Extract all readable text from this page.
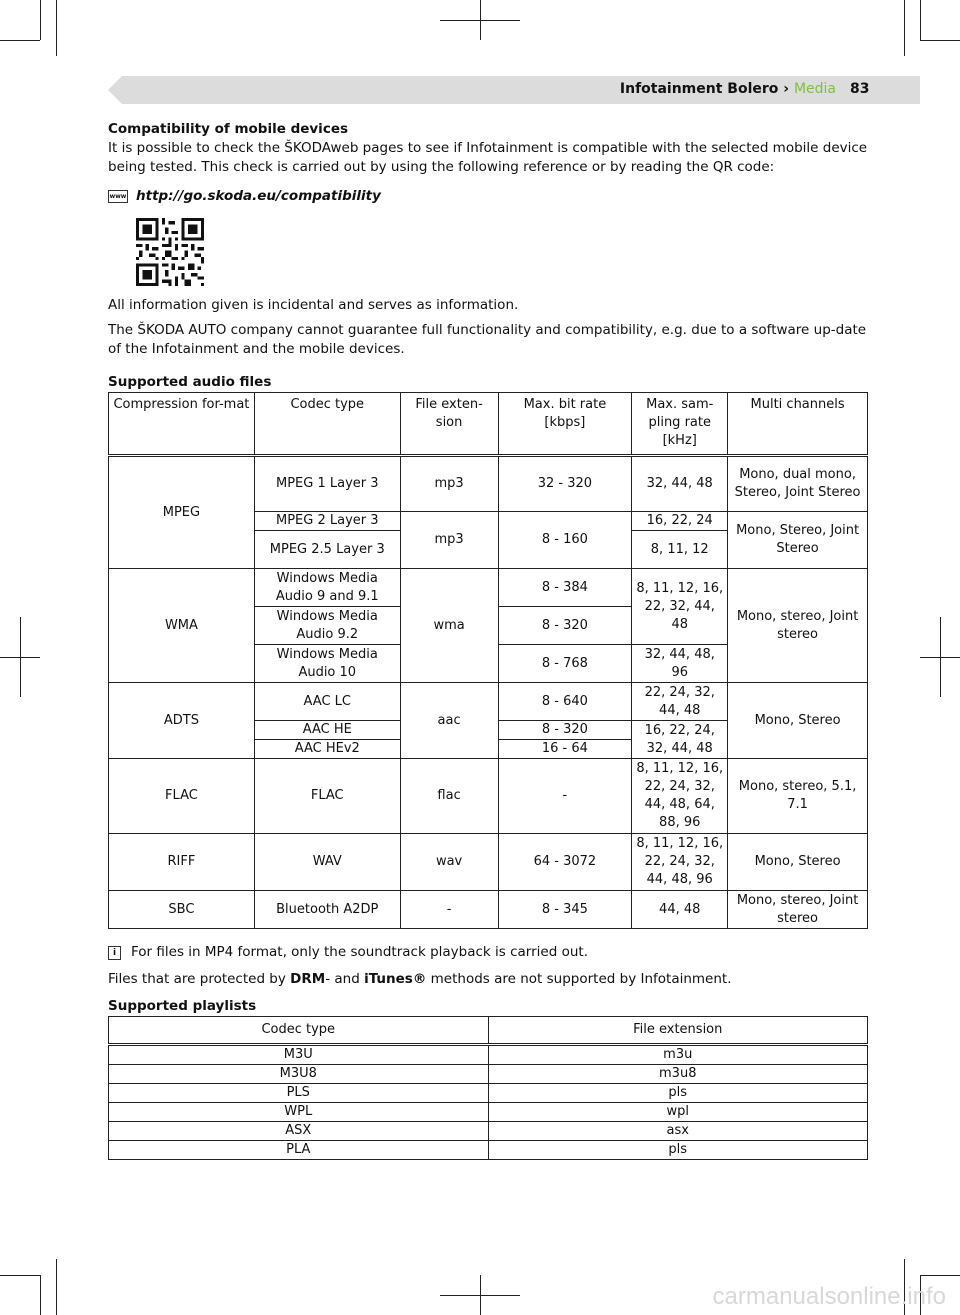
Infotainment Bolero › Media 83

Compatibility of mobile devices

It is possible to check the ŠKODAweb pages to see if Infotainment is compatible with the selected mobile device being tested. This check is carried out by using the following reference or by reading the QR code:

www http://go.skoda.eu/compatibility

All information given is incidental and serves as information.

The ŠKODA AUTO company cannot guarantee full functionality and compatibility, e.g. due to a software up-date of the Infotainment and the mobile devices.

Supported audio files

Compression for-mat	Codec type	File exten-sion	Max. bit rate [kbps]	Max. sam-pling rate [kHz]	Multi channels
MPEG	MPEG 1 Layer 3	mp3	32 - 320	32, 44, 48	Mono, dual mono, Stereo, Joint Stereo
	MPEG 2 Layer 3	mp3	8 - 160	16, 22, 24	Mono, Stereo, Joint Stereo
	MPEG 2.5 Layer 3			8, 11, 12	
WMA	Windows Media Audio 9 and 9.1	wma	8 - 384	8, 11, 12, 16, 22, 32, 44, 48	Mono, stereo, Joint stereo
	Windows Media Audio 9.2		8 - 320		
	Windows Media Audio 10		8 - 768	32, 44, 48, 96	
ADTS	AAC LC	aac	8 - 640	22, 24, 32, 44, 48	Mono, Stereo
	AAC HE		8 - 320	16, 22, 24, 32, 44, 48	
	AAC HEv2		16 - 64		
FLAC	FLAC	flac	-	8, 11, 12, 16, 22, 24, 32, 44, 48, 64, 88, 96	Mono, stereo, 5.1, 7.1
RIFF	WAV	wav	64 - 3072	8, 11, 12, 16, 22, 24, 32, 44, 48, 96	Mono, Stereo
SBC	Bluetooth A2DP	-	8 - 345	44, 48	Mono, stereo, Joint stereo
i	For files in MP4 format, only the soundtrack playback is carried out.

Files that are protected by DRM- and iTunes® methods are not supported by Infotainment.

Supported playlists

Codec type	File extension
M3U	m3u
M3U8	m3u8
PLS	pls
WPL	wpl
ASX	asx
PLA	pls
carmanualsonline.info
